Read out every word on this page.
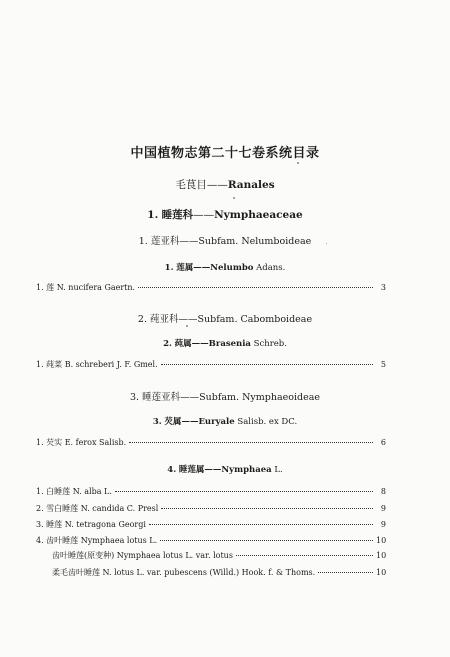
中国植物志第二十七卷系统目录
毛茛目——Ranales
1. 睡莲科——Nymphaeaceae
1. 莲亚科——Subfam. Nelumboideae
1. 莲属——Nelumbo Adans.
1. 莲 N. nucifera Gaertn.	3
2. 莼亚科——Subfam. Cabomboideae
2. 莼属——Brasenia Schreb.
1. 莼菜 B. schreberi J. F. Gmel.	5
3. 睡莲亚科——Subfam. Nymphaeoideae
3. 芡属——Euryale Salisb. ex DC.
1. 芡实 E. ferox Salisb.	6
4. 睡莲属——Nymphaea L.
1. 白睡莲 N. alba L.	8
2. 雪白睡莲 N. candida C. Presl	9
3. 睡莲 N. tetragona Georgi	9
4. 齿叶睡莲 Nymphaea lotus L.	10
齿叶睡莲(原变种) Nymphaea lotus L. var. lotus	10
柔毛齿叶睡莲 N. lotus L. var. pubescens (Willd.) Hook. f. & Thoms.	10
